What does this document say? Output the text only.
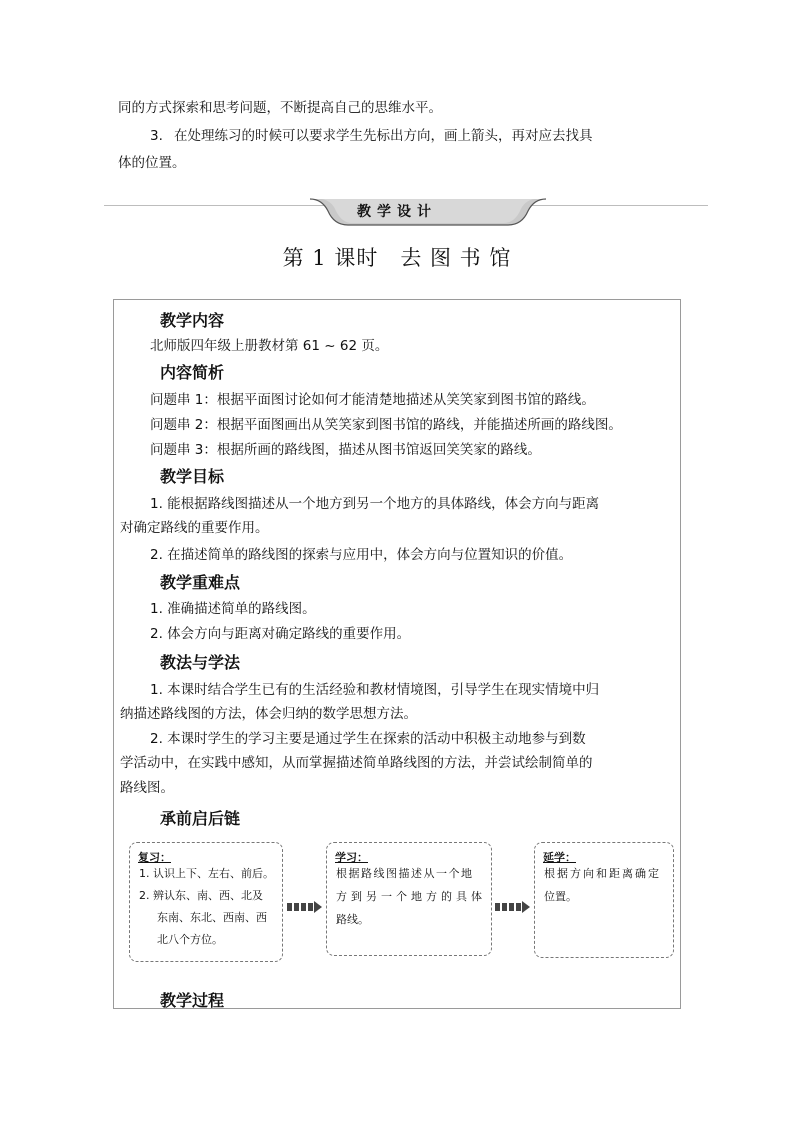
同的方式探索和思考问题，不断提高自己的思维水平。
3. 在处理练习的时候可以要求学生先标出方向，画上箭头，再对应去找具
体的位置。
教学设计
第 1 课时　去 图 书 馆
教学内容
北师版四年级上册教材第 61 ~ 62 页。
内容简析
问题串 1：根据平面图讨论如何才能清楚地描述从笑笑家到图书馆的路线。
问题串 2：根据平面图画出从笑笑家到图书馆的路线，并能描述所画的路线图。
问题串 3：根据所画的路线图，描述从图书馆返回笑笑家的路线。
教学目标
1. 能根据路线图描述从一个地方到另一个地方的具体路线，体会方向与距离
对确定路线的重要作用。
2. 在描述简单的路线图的探索与应用中，体会方向与位置知识的价值。
教学重难点
1. 准确描述简单的路线图。
2. 体会方向与距离对确定路线的重要作用。
教法与学法
1. 本课时结合学生已有的生活经验和教材情境图，引导学生在现实情境中归
纳描述路线图的方法，体会归纳的数学思想方法。
2. 本课时学生的学习主要是通过学生在探索的活动中积极主动地参与到数
学活动中，在实践中感知，从而掌握描述简单路线图的方法，并尝试绘制简单的
路线图。
承前启后链
复习：
1. 认识上下、左右、前后。
2. 辨认东、南、西、北及
东南、东北、西南、西
北八个方位。
学习：
根据路线图描述从一个地
方到另一个地方的具体
路线。
延学：
根据方向和距离确定
位置。
教学过程
